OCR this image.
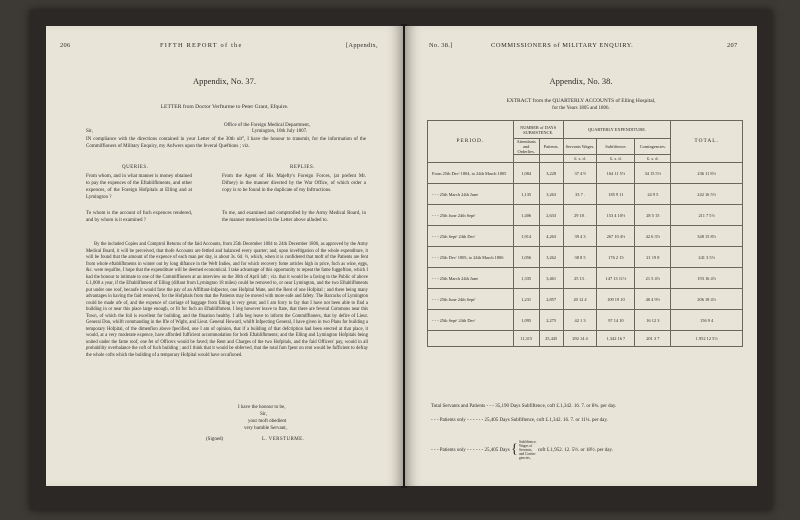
206	FIFTH REPORT of the	[Appendix,
Appendix, No. 37.
LETTER from Doctor Verfturme to Peter Grant, Efquire.
Office of the Foreign Medical Department,
Lymington, 10th July 1807.
Sir,
IN compliance with the directions contained in your Letter of the 30th ult°, I have the honour to transmit, for the information of the Commiffioners of Military Enquiry, my Anfwers upon the feveral Queftions ; viz.
QUERIES.	REPLIES.
From whom, and in what manner is money obtained to pay the expences of the Eftablifhments, and other expences, of the Foreign Hofpitals at Elling and at Lymington ?
From the Agent of His Majefty's Foreign Forces, (at prefent Mr. Difney) in the manner directed by the War Office, of which order a copy is to be found in the duplicate of my Inftructions.
To whom is the account of fuch expences rendered, and by whom is it examined ?
To me, and examined and comptrolled by the Army Medical Board, in the manner mentioned in the Letter above alluded to.
By the included Copies and Comptrol Returns of the faid Accounts, from 25th December 1804 to 24th December 1806, as approved by the Army Medical Board, it will be perceived, that thofe Accounts are fettled and balanced every quarter; and, upon inveftigation of the whole expenditure, it will be found that the amount of the expence of each man per day, is about 3s. 6d. ⅓, which, when it is confidered that moft of the Patients are fent from whole eftablifhments in winter out by long diftance in the Weft Indies, and for which recovery fome articles high in price, fuch as wine, eggs, &c. were requifite, I hope that the expenditure will be deemed economical. I take advantage of this opportunity to repeat the fame fuggeftion, which I had the honour to intimate to one of the Commiffioners at an interview on the 30th of April laft ; viz. that it would be a faving to the Public of above £.1,000 a year, if the Eftablifhment of Elling (diftant from Lymington 18 miles) could be removed to, or near Lymington, and the two Eftablifhments put under one roof, becaufe it would fave the pay of an Affiftant-Infpector, one Hofpital Mate, and the Rent of one Hofpital ; and there being many advantages in having the faid removed, for the Hofpitals from that the Patients may be moved with more eafe and fafety. The Barracks of Lymington could be made ufe of, and the expence of carriage of baggage from Elling is very great; and I am forry to fay that I have not been able to find a building in or near this place large enough, or fit for fuch an Eftablifhment. I beg however leave to ftate, that there are feveral Commons near this Town, of which the foil is excellent for building, and the fituation healthy. I alfo beg leave to inform the Commiffioners, that by defire of Lieut. General Don, whilft commanding in the Ifle of Wight, and Lieut. General Howard, whilft Infpecting General, I have given in two Plans for building a temporary Hofpital, of the dimenfion above fpecified, one I am of opinion, that if a building of that defcription had been erected at that place, it would, at a very moderate expence, have afforded fufficient accommodation for both Eftablifhments; and the Elling and Lymington Hofpitals being united under the fame roof, one fet of Officers would be faved; the Rent and Charges of the two Hofpitals, and the faid Officers' pay, would in all probability overbalance the coft of fuch building ; and I think that it would be obferved, that the total fum fpent on rent would be fufficient to defray the whole cofts which the building of a temporary Hofpital would have occafioned.
I have the honour to be,
Sir,
your moft obedient
very humble Servant,
(Signed)	L. VERSTURME.
No. 38.]	COMMISSIONERS of MILITARY ENQUIRY.	207
Appendix, No. 38.
EXTRACT from the QUARTERLY ACCOUNTS of Elling Hospital,
for the Years 1805 and 1806.
PERIOD.	NUMBER of DAYS SUBSISTENCE.		QUARTERLY EXPENDITURE.			TOTAL.
	Attendants and Orderlies.	Patients.	Servants Wages.	Subfiftence.	Contingencies.	
			£. s. d.	£. s. d.	£. s. d.	
From 25th Decʳ 1804, to 24th March 1805	1,084	3,228	37 4 9	164 11 5½	34 15 5½	236 11 8½
- - - 25th March 24th June	1,135	3,263	33 7 .	185 9 11	24 9 5	242 16 5½
- - - 25th June 24th Septʳ	1,406	2,633	29 18 .	153 4 10½	28 5 15	211 7 5½
- - - 25th Septʳ 24th Decʳ	1,914	4,263	39 4 3	267 10 4½	42 6 3½	348 15 8½
- - - 25th Decʳ 1805, to 24th March 1806	1,056	3,262	38 8 5	176 2 15	21 19 8	241 3 5½
- - - 25th March 24th June	1,335	3,461	25 13 .	147 13 11½	21 5 4½	193 16 4½
- - - 25th June 24th Septʳ	1,231	2,857	20 12 4	109 19 10	40 4 9½	206 18 4½
- - - 25th Septʳ 24th Decʳ	1,095	2,275	42 1 3	97 14 10	16 12 3	156 9 4
	11,315	25,445	292 14 4	1,342 16 7	201 3 7	1,952 12 5½
Total Servants and Patients - - - 35,190 Days Subfiftence, coft £.1,342. 16. 7. or 8¾. per day.
- - - Patients only - - - - - - 25,405 Days Subfiftence, coft £.1,342. 16. 7. or 11¼. per day.
- - - Patients only - - - - - - 25,405 Days { Subfiftence,
Wages of
Servants,
and Contin-
gencies, coft £.1,952. 12. 5½. or 18½. per day.
